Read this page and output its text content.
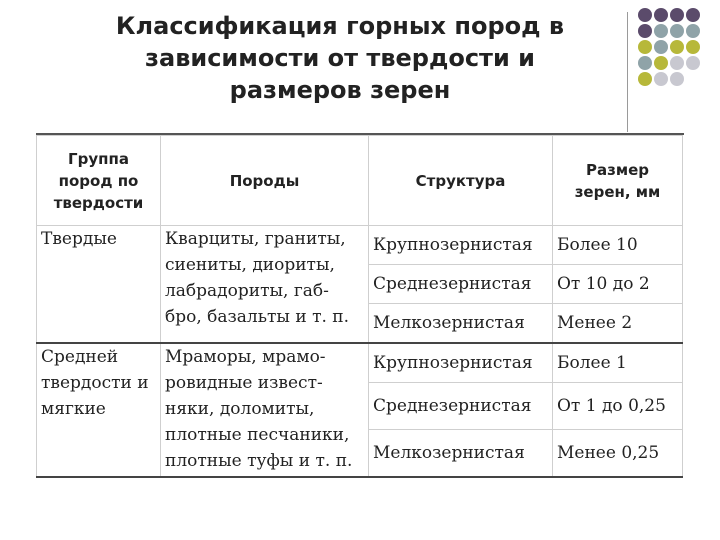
Классификация горных пород в зависимости от твердости и размеров зерен
Группа пород по твердости	Породы	Структура	Размер зерен, мм
Твердые	Кварциты, граниты, сиениты, диориты, лабрадориты, габ-бро, базальты и т. п.	Крупнозернистая	Более 10
		Среднезернистая	От 10 до 2
		Мелкозернистая	Менее 2
Средней твердости и мягкие	Мраморы, мрамо-ровидные извест-няки, доломиты, плотные песчаники, плотные туфы и т. п.	Крупнозернистая	Более 1
		Среднезернистая	От 1 до 0,25
		Мелкозернистая	Менее 0,25
